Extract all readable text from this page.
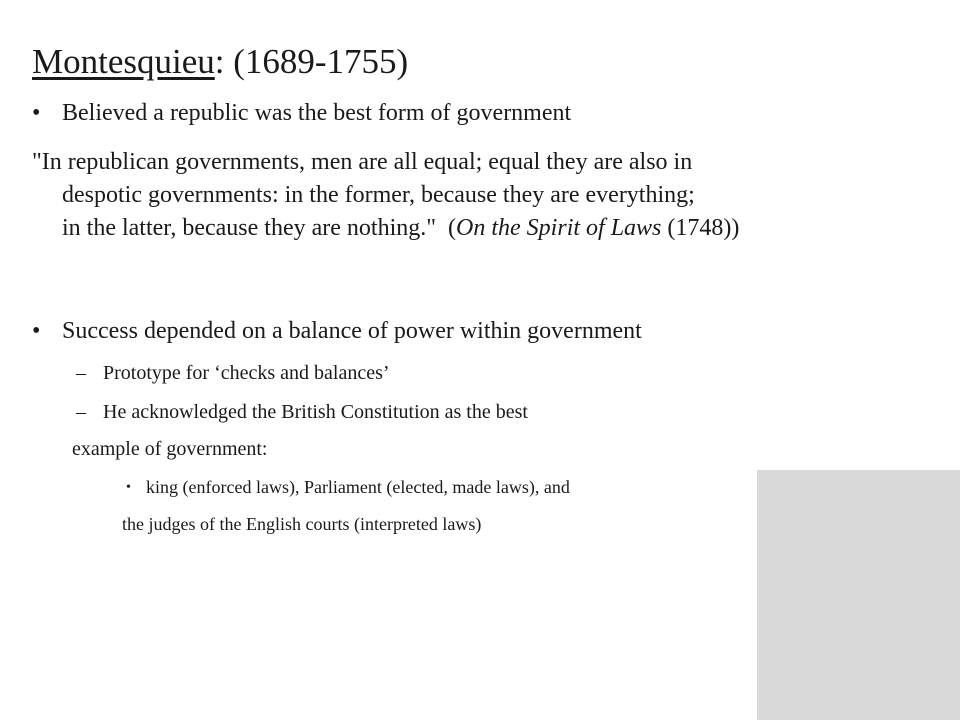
Montesquieu: (1689-1755)
• Believed a republic was the best form of government
"In republican governments, men are all equal; equal they are also in
despotic governments: in the former, because they are everything;
in the latter, because they are nothing." (On the Spirit of Laws (1748))
• Success depended on a balance of power within government
– Prototype for ‘checks and balances’
– He acknowledged the British Constitution as the best
example of government:
• king (enforced laws), Parliament (elected, made laws), and
the judges of the English courts (interpreted laws)
